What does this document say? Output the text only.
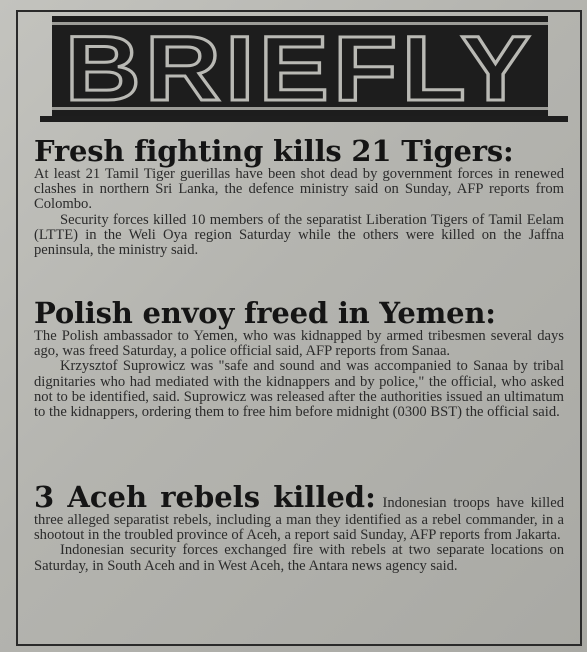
BRIEFLY
Fresh fighting kills 21 Tigers:

At least 21 Tamil Tiger guerillas have been shot dead by government forces in renewed clashes in northern Sri Lanka, the defence ministry said on Sunday, AFP reports from Colombo.

Security forces killed 10 members of the separatist Liberation Tigers of Tamil Eelam (LTTE) in the Weli Oya region Saturday while the others were killed on the Jaffna peninsula, the ministry said.

Polish envoy freed in Yemen:

The Polish ambassador to Yemen, who was kidnapped by armed tribesmen several days ago, was freed Saturday, a police official said, AFP reports from Sanaa.

Krzysztof Suprowicz was "safe and sound and was accompanied to Sanaa by tribal dignitaries who had mediated with the kidnappers and by police," the official, who asked not to be identified, said. Suprowicz was released after the authorities issued an ultimatum to the kidnappers, ordering them to free him before midnight (0300 BST) the official said.

3 Aceh rebels killed: Indonesian troops have killed three alleged separatist rebels, including a man they identified as a rebel commander, in a shootout in the troubled province of Aceh, a report said Sunday, AFP reports from Jakarta.

Indonesian security forces exchanged fire with rebels at two separate locations on Saturday, in South Aceh and in West Aceh, the Antara news agency said.
